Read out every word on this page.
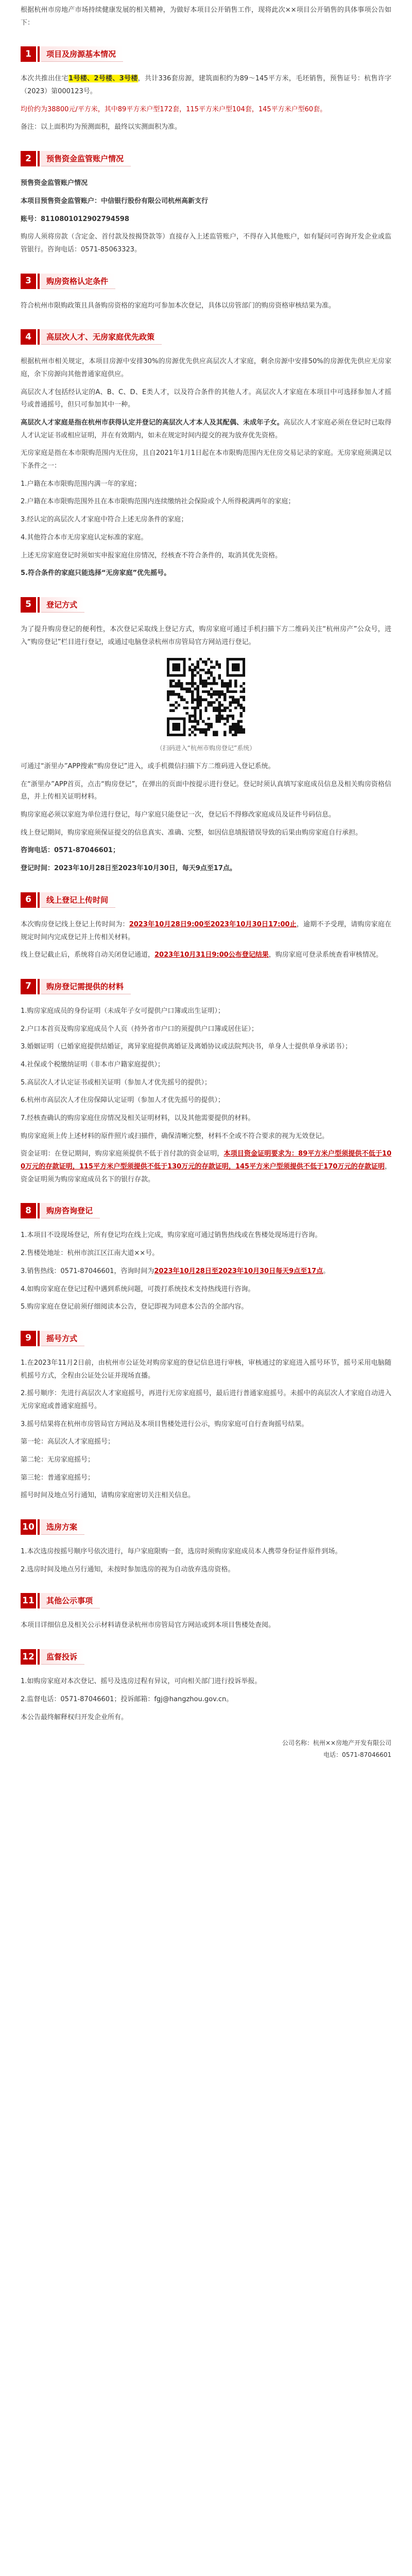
根据杭州市房地产市场持续健康发展的相关精神，为做好本项目公开销售工作，现将此次××项目公开销售的具体事项公告如下：

1	项目及房源基本情况

本次共推出住宅1号楼、2号楼、3号楼，共计336套房源，建筑面积约为89～145平方米，毛坯销售，预售证号：杭售许字（2023）第000123号。

均价约为38800元/平方米，其中89平方米户型172套，115平方米户型104套，145平方米户型60套。

备注：以上面积均为预测面积，最终以实测面积为准。

2	预售资金监管账户情况

预售资金监管账户情况

本项目预售资金监管账户：中信银行股份有限公司杭州高新支行

账号：8110801012902794598

购房人须将房款（含定金、首付款及按揭贷款等）直接存入上述监管账户，不得存入其他账户，如有疑问可咨询开发企业或监管银行。咨询电话：0571-85063323。

3	购房资格认定条件

符合杭州市限购政策且具备购房资格的家庭均可参加本次登记，具体以房管部门的购房资格审核结果为准。

4	高层次人才、无房家庭优先政策

根据杭州市相关规定，本项目房源中安排30%的房源优先供应高层次人才家庭，剩余房源中安排50%的房源优先供应无房家庭，余下房源向其他普通家庭供应。

高层次人才包括经认定的A、B、C、D、E类人才，以及符合条件的其他人才。高层次人才家庭在本项目中可选择参加人才摇号或普通摇号，但只可参加其中一种。

高层次人才家庭是指在杭州市获得认定并登记的高层次人才本人及其配偶、未成年子女。高层次人才家庭必须在登记时已取得人才认定证书或相应证明，并在有效期内，如未在规定时间内提交的视为放弃优先资格。

无房家庭是指在本市限购范围内无住房，且自2021年1月1日起在本市限购范围内无住房交易记录的家庭。无房家庭须满足以下条件之一：

1.户籍在本市限购范围内满一年的家庭；

2.户籍在本市限购范围外且在本市限购范围内连续缴纳社会保险或个人所得税满两年的家庭；

3.经认定的高层次人才家庭中符合上述无房条件的家庭；

4.其他符合本市无房家庭认定标准的家庭。

上述无房家庭登记时须如实申报家庭住房情况，经核查不符合条件的，取消其优先资格。

5.符合条件的家庭只能选择“无房家庭”优先摇号。

5	登记方式

为了提升购房登记的便利性，本次登记采取线上登记方式，购房家庭可通过手机扫描下方二维码关注“杭州房产”公众号，进入“购房登记”栏目进行登记，或通过电脑登录杭州市房管局官方网站进行登记。

（扫码进入“杭州市购房登记”系统）

可通过“浙里办”APP搜索“购房登记”进入，或手机微信扫描下方二维码进入登记系统。

在“浙里办”APP首页，点击“购房登记”，在弹出的页面中按提示进行登记。登记时须认真填写家庭成员信息及相关购房资格信息，并上传相关证明材料。

购房家庭必须以家庭为单位进行登记，每户家庭只能登记一次，登记后不得修改家庭成员及证件号码信息。

线上登记期间，购房家庭须保证提交的信息真实、准确、完整，如因信息填报错误导致的后果由购房家庭自行承担。

咨询电话：0571-87046601；

登记时间：2023年10月28日至2023年10月30日，每天9点至17点。

6	线上登记上传时间

本次购房登记线上登记上传时间为：2023年10月28日9:00至2023年10月30日17:00止，逾期不予受理，请购房家庭在规定时间内完成登记并上传相关材料。

线上登记截止后，系统将自动关闭登记通道，2023年10月31日9:00公布登记结果，购房家庭可登录系统查看审核情况。

7	购房登记需提供的材料

1.购房家庭成员的身份证明（未成年子女可提供户口簿或出生证明）；

2.户口本首页及购房家庭成员个人页（持外省市户口的须提供户口簿或居住证）；

3.婚姻证明（已婚家庭提供结婚证，离异家庭提供离婚证及离婚协议或法院判决书，单身人士提供单身承诺书）；

4.社保或个税缴纳证明（非本市户籍家庭提供）；

5.高层次人才认定证书或相关证明（参加人才优先摇号的提供）；

6.杭州市高层次人才住房保障认定证明（参加人才优先摇号的提供）；

7.经核查确认的购房家庭住房情况及相关证明材料，以及其他需要提供的材料。

购房家庭须上传上述材料的原件照片或扫描件，确保清晰完整，材料不全或不符合要求的视为无效登记。

资金证明：在登记期间，购房家庭须提供不低于首付款的资金证明，本项目资金证明要求为：89平方米户型须提供不低于100万元的存款证明，115平方米户型须提供不低于130万元的存款证明，145平方米户型须提供不低于170万元的存款证明，资金证明须为购房家庭成员名下的银行存款。

8	购房咨询登记

1.本项目不设现场登记，所有登记均在线上完成，购房家庭可通过销售热线或在售楼处现场进行咨询。

2.售楼处地址：杭州市滨江区江南大道××号。

3.销售热线：0571-87046601，咨询时间为2023年10月28日至2023年10月30日每天9点至17点。

4.如购房家庭在登记过程中遇到系统问题，可拨打系统技术支持热线进行咨询。

5.购房家庭在登记前须仔细阅读本公告，登记即视为同意本公告的全部内容。

9	摇号方式

1.在2023年11月2日前，由杭州市公证处对购房家庭的登记信息进行审核，审核通过的家庭进入摇号环节，摇号采用电脑随机摇号方式，全程由公证处公证并现场直播。

2.摇号顺序：先进行高层次人才家庭摇号，再进行无房家庭摇号，最后进行普通家庭摇号。未摇中的高层次人才家庭自动进入无房家庭或普通家庭摇号。

3.摇号结果将在杭州市房管局官方网站及本项目售楼处进行公示，购房家庭可自行查询摇号结果。

第一轮：高层次人才家庭摇号；

第二轮：无房家庭摇号；

第三轮：普通家庭摇号；

摇号时间及地点另行通知，请购房家庭密切关注相关信息。

10	选房方案

1.本次选房按摇号顺序号依次进行，每户家庭限购一套，选房时须购房家庭成员本人携带身份证件原件到场。

2.选房时间及地点另行通知，未按时参加选房的视为自动放弃选房资格。

11	其他公示事项

本项目详细信息及相关公示材料请登录杭州市房管局官方网站或到本项目售楼处查阅。

12	监督投诉

1.如购房家庭对本次登记、摇号及选房过程有异议，可向相关部门进行投诉举报。

2.监督电话：0571-87046601；投诉邮箱：fgj@hangzhou.gov.cn。

本公告最终解释权归开发企业所有。

公司名称：杭州××房地产开发有限公司
电话：0571-87046601
